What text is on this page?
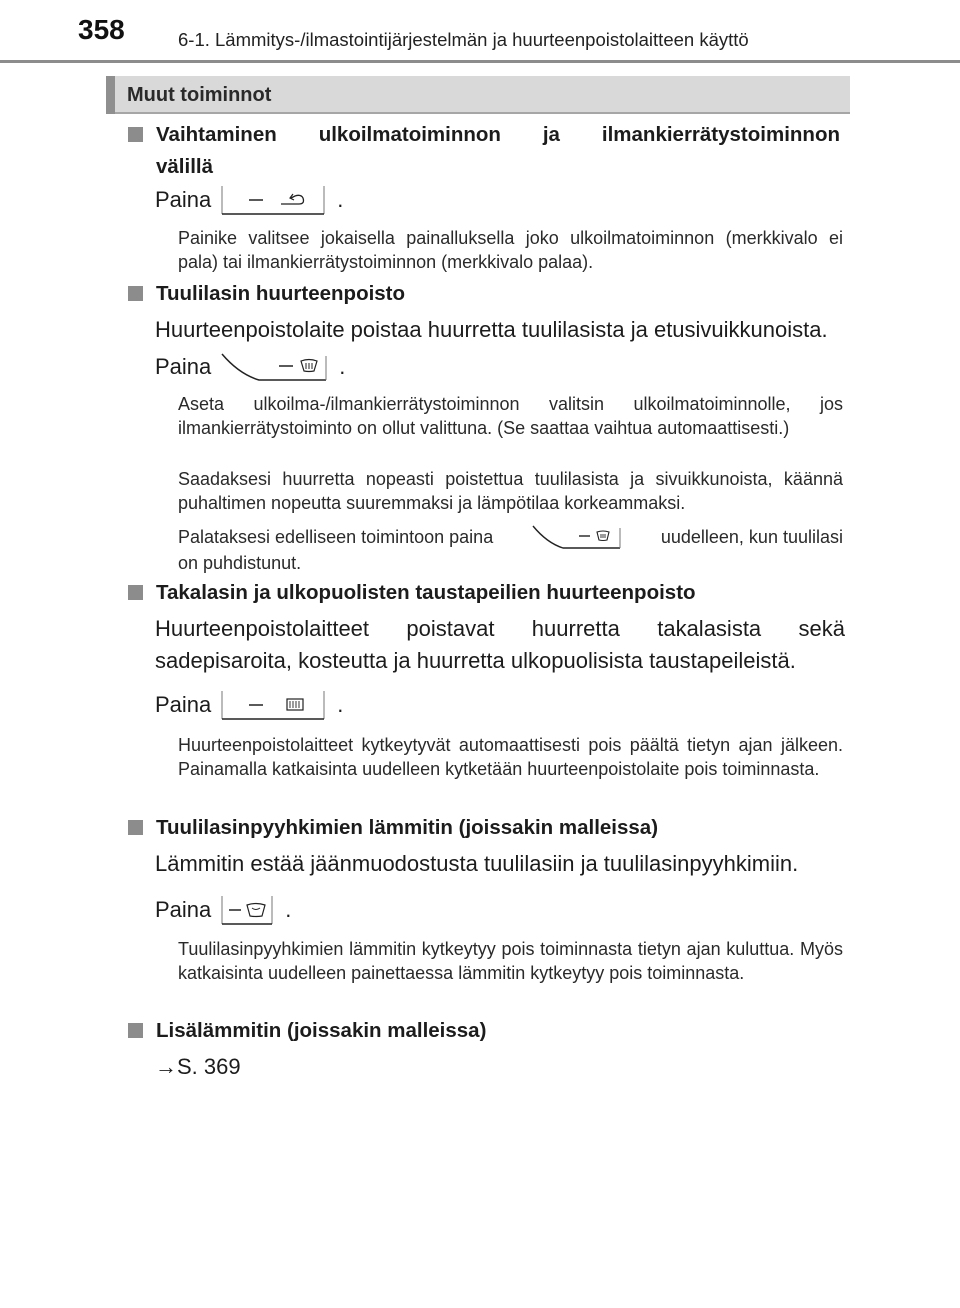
358	6-1. Lämmitys-/ilmastointijärjestelmän ja huurteenpoistolaitteen käyttö
Muut toiminnot
Vaihtaminen ulkoilmatoiminnon ja ilmankierrätystoiminnon
välillä
Paina	.
Painike valitsee jokaisella painalluksella joko ulkoilmatoiminnon (merkkivalo ei pala) tai ilmankierrätystoiminnon (merkkivalo palaa).
Tuulilasin huurteenpoisto
Huurteenpoistolaite poistaa huurretta tuulilasista ja etusivuikkunoista.
Paina	.
Aseta ulkoilma-/ilmankierrätystoiminnon valitsin ulkoilmatoiminnolle, jos ilmankierrätystoiminto on ollut valittuna. (Se saattaa vaihtua automaattisesti.)
Saadaksesi huurretta nopeasti poistettua tuulilasista ja sivuikkunoista, käännä puhaltimen nopeutta suuremmaksi ja lämpötilaa korkeammaksi.
Palataksesi edelliseen toimintoon paina	uudelleen, kun tuulilasi
on puhdistunut.
Takalasin ja ulkopuolisten taustapeilien huurteenpoisto
Huurteenpoistolaitteet poistavat huurretta takalasista sekä sadepisaroita, kosteutta ja huurretta ulkopuolisista taustapeileistä.
Paina	.
Huurteenpoistolaitteet kytkeytyvät automaattisesti pois päältä tietyn ajan jälkeen. Painamalla katkaisinta uudelleen kytketään huurteenpoistolaite pois toiminnasta.
Tuulilasinpyyhkimien lämmitin (joissakin malleissa)
Lämmitin estää jäänmuodostusta tuulilasiin ja tuulilasinpyyhkimiin.
Paina	.
Tuulilasinpyyhkimien lämmitin kytkeytyy pois toiminnasta tietyn ajan kuluttua. Myös katkaisinta uudelleen painettaessa lämmitin kytkeytyy pois toiminnasta.
Lisälämmitin (joissakin malleissa)
→S. 369
